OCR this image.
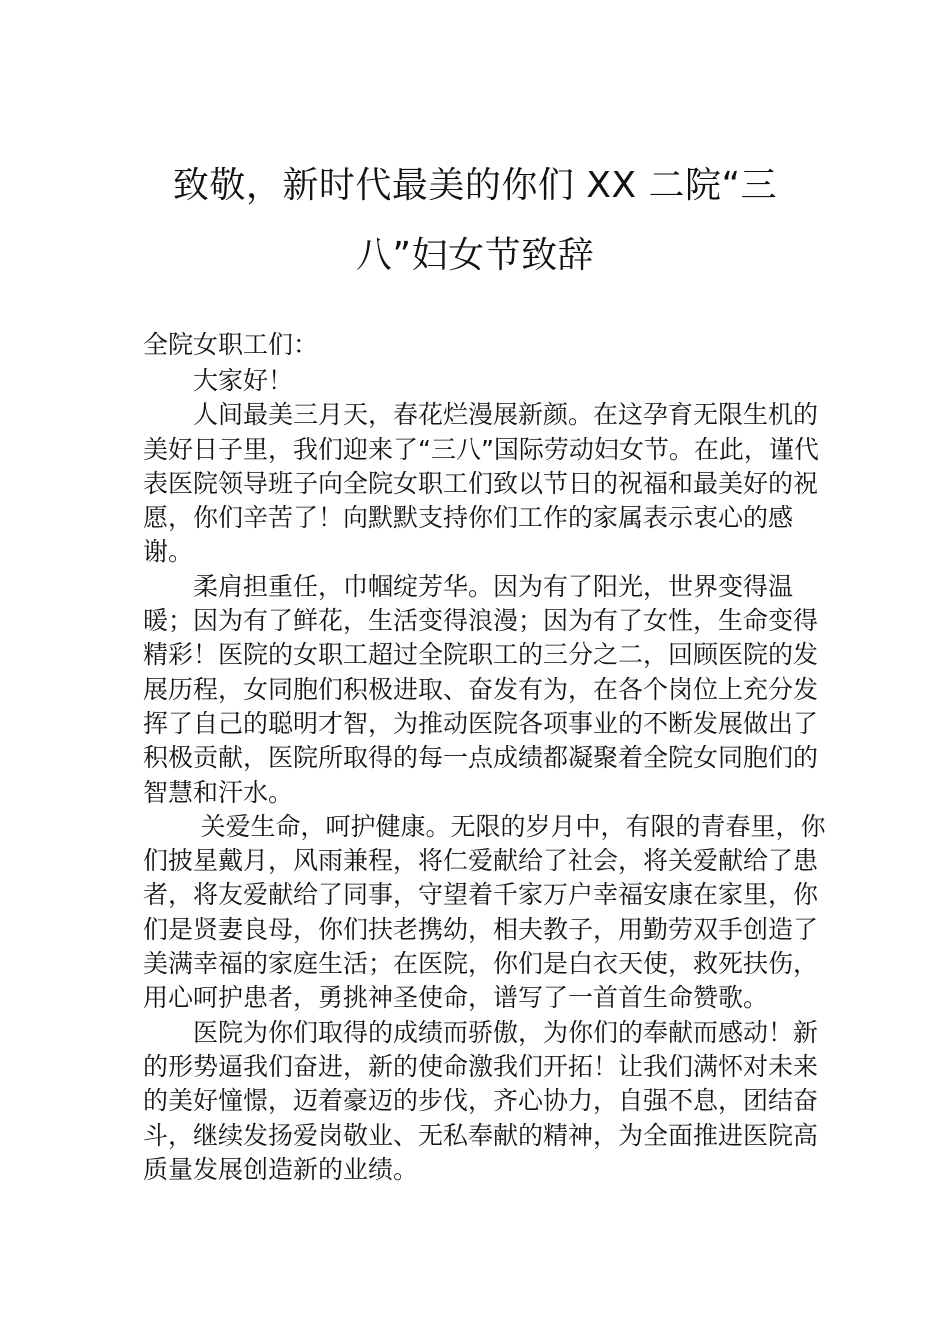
致敬，新时代最美的你们 XX 二院“三
八”妇女节致辞
全院女职工们：

大家好！

人间最美三月天，春花烂漫展新颜。在这孕育无限生机的美好日子里，我们迎来了“三八”国际劳动妇女节。在此，谨代表医院领导班子向全院女职工们致以节日的祝福和最美好的祝愿，你们辛苦了！向默默支持你们工作的家属表示衷心的感谢。

柔肩担重任，巾帼绽芳华。因为有了阳光，世界变得温暖；因为有了鲜花，生活变得浪漫；因为有了女性，生命变得精彩！医院的女职工超过全院职工的三分之二，回顾医院的发展历程，女同胞们积极进取、奋发有为，在各个岗位上充分发挥了自己的聪明才智，为推动医院各项事业的不断发展做出了积极贡献，医院所取得的每一点成绩都凝聚着全院女同胞们的智慧和汗水。

关爱生命，呵护健康。无限的岁月中，有限的青春里，你们披星戴月，风雨兼程，将仁爱献给了社会，将关爱献给了患者，将友爱献给了同事，守望着千家万户幸福安康在家里，你们是贤妻良母，你们扶老携幼，相夫教子，用勤劳双手创造了美满幸福的家庭生活；在医院，你们是白衣天使，救死扶伤，用心呵护患者，勇挑神圣使命，谱写了一首首生命赞歌。

医院为你们取得的成绩而骄傲，为你们的奉献而感动！新的形势逼我们奋进，新的使命激我们开拓！让我们满怀对未来的美好憧憬，迈着豪迈的步伐，齐心协力，自强不息，团结奋斗，继续发扬爱岗敬业、无私奉献的精神，为全面推进医院高质量发展创造新的业绩。
